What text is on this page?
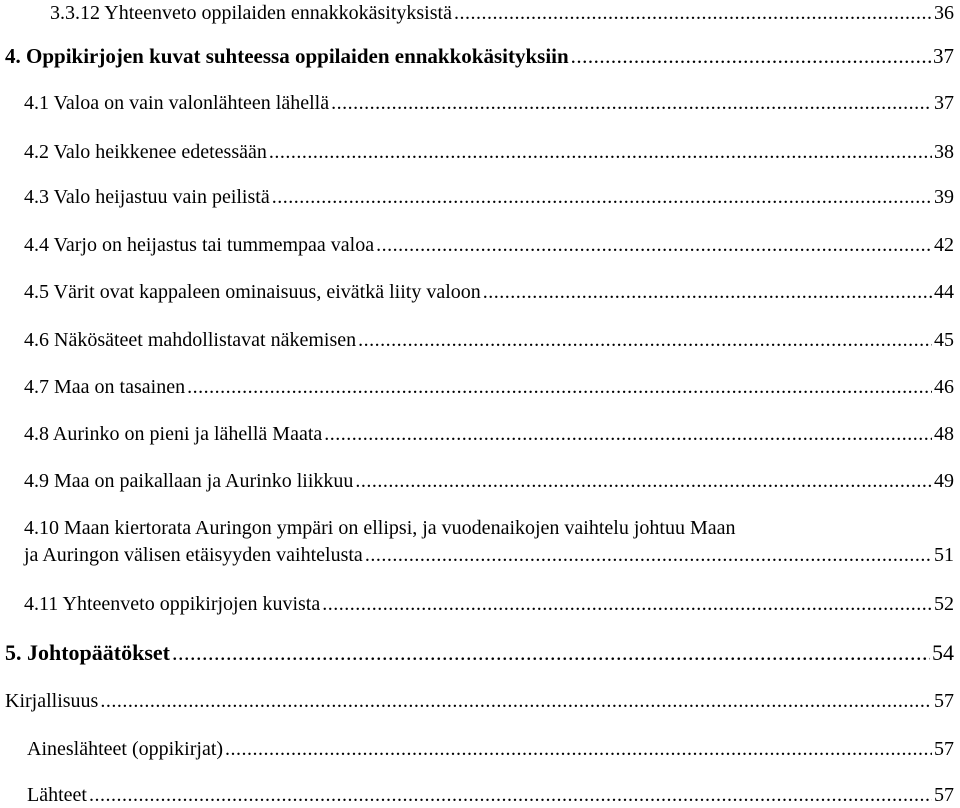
3.3.12 Yhteenveto oppilaiden ennakkokäsityksistä .....	36
4. Oppikirjojen kuvat suhteessa oppilaiden ennakkokäsityksiin .....	37
4.1 Valoa on vain valonlähteen lähellä .....	37
4.2 Valo heikkenee edetessään .....	38
4.3 Valo heijastuu vain peilistä .....	39
4.4 Varjo on heijastus tai tummempaa valoa .....	42
4.5 Värit ovat kappaleen ominaisuus, eivätkä liity valoon .....	44
4.6 Näkösäteet mahdollistavat näkemisen .....	45
4.7 Maa on tasainen .....	46
4.8 Aurinko on pieni ja lähellä Maata .....	48
4.9 Maa on paikallaan ja Aurinko liikkuu .....	49
4.10 Maan kiertorata Auringon ympäri on ellipsi, ja vuodenaikojen vaihtelu johtuu Maan
ja Auringon välisen etäisyyden vaihtelusta .....	51
4.11 Yhteenveto oppikirjojen kuvista .....	52
5. Johtopäätökset .....	54
Kirjallisuus .....	57
Aineslähteet (oppikirjat) .....	57
Lähteet .....	57
